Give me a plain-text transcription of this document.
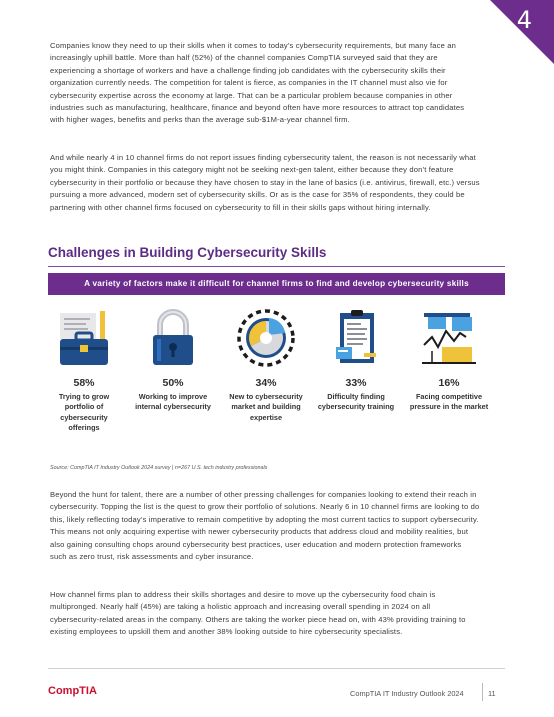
4

Companies know they need to up their skills when it comes to today’s cybersecurity requirements, but many face an increasingly uphill battle. More than half (52%) of the channel companies CompTIA surveyed said that they are experiencing a shortage of workers and have a challenge finding job candidates with the cybersecurity skills their organization currently needs. The competition for talent is fierce, as companies in the IT channel must also vie for cybersecurity expertise across the economy at large. That can be a particular problem because companies in other industries such as manufacturing, healthcare, finance and beyond often have more resources to attract top candidates with higher wages, benefits and perks than the average sub-$1M-a-year channel firm.

And while nearly 4 in 10 channel firms do not report issues finding cybersecurity talent, the reason is not necessarily what you might think. Companies in this category might not be seeking next-gen talent, either because they don’t feature cybersecurity in their portfolio or because they have chosen to stay in the lane of basics (i.e. antivirus, firewall, etc.) versus pursuing a more advanced, modern set of cybersecurity skills. Or as is the case for 35% of respondents, they could be partnering with other channel firms focused on cybersecurity to fill in their skills gaps without hiring internally.

Challenges in Building Cybersecurity Skills
A variety of factors make it difficult for channel firms to find and develop cybersecurity skills
58%
Trying to grow portfolio of cybersecurity offerings
50%
Working to improve internal cybersecurity
34%
New to cybersecurity market and building expertise
33%
Difficulty finding cybersecurity training
16%
Facing competitive pressure in the market
Source: CompTIA IT Industry Outlook 2024 survey | n=267 U.S. tech industry professionals

Beyond the hunt for talent, there are a number of other pressing challenges for companies looking to extend their reach in cybersecurity. Topping the list is the quest to grow their portfolio of solutions. Nearly 6 in 10 channel firms are looking to do this, likely reflecting today’s imperative to remain competitive by adopting the most current tactics to support cybersecurity. This means not only acquiring expertise with newer cybersecurity products that address cloud and mobility realities, but also gaining consulting chops around cybersecurity best practices, user education and modern protection frameworks such as zero trust, risk assessments and cyber insurance.

How channel firms plan to address their skills shortages and desire to move up the cybersecurity food chain is multipronged. Nearly half (45%) are taking a holistic approach and increasing overall spending in 2024 on all cybersecurity-related areas in the company. Others are taking the worker piece head on, with 43% providing training to existing employees to upskill them and another 38% looking outside to hire cybersecurity specialists.

CompTIA	CompTIA IT Industry Outlook 2024	11
